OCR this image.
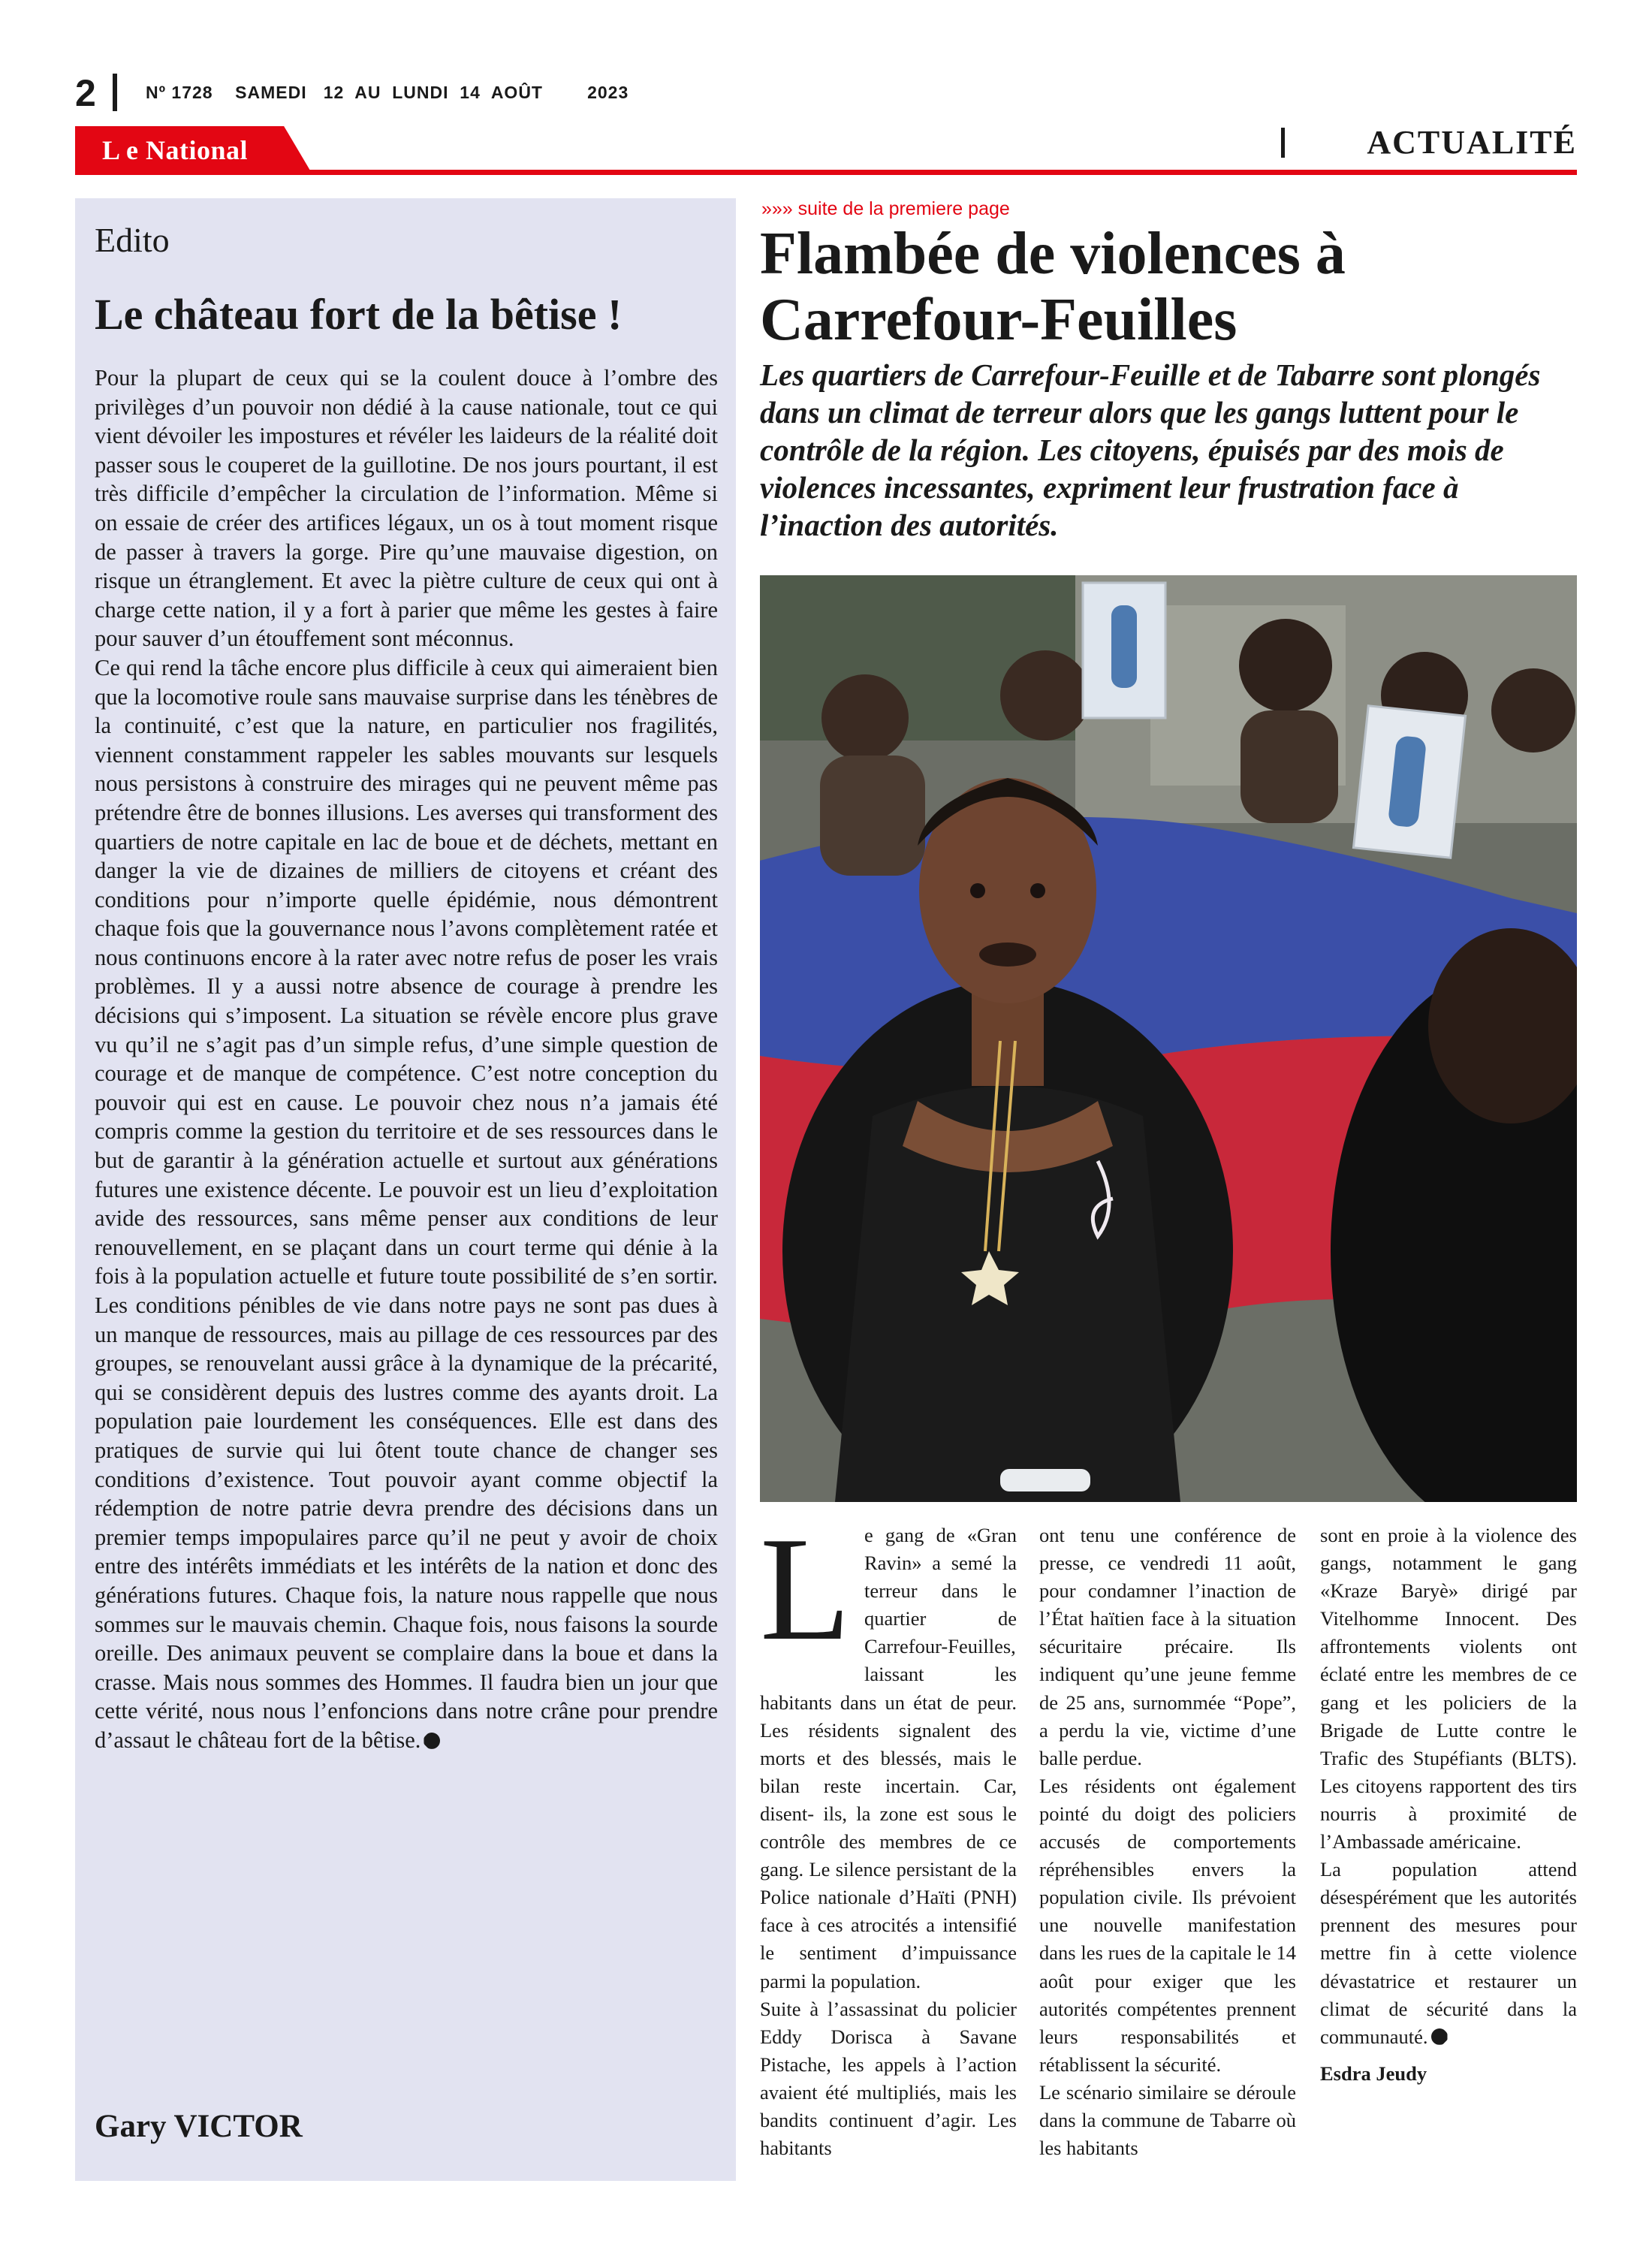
2	Nº 1728    SAMEDI   12  AU  LUNDI  14  AOÛT        2023
L e National	ACTUALITÉ
Edito
Le château fort de la bêtise !
Pour la plupart de ceux qui se la coulent douce à l’ombre des privilèges d’un pouvoir non dédié à la cause nationale, tout ce qui vient dévoiler les impostures et révéler les laideurs de la réalité doit passer sous le couperet de la guillotine. De nos jours pourtant, il est très difficile d’empêcher la circulation de l’information. Même si on essaie de créer des artifices légaux, un os à tout moment risque de passer à travers la gorge. Pire qu’une mauvaise digestion, on risque un étranglement. Et avec la piètre culture de ceux qui ont à charge cette nation, il y a fort à parier que même les gestes à faire pour sauver d’un étouffement sont méconnus.
Ce qui rend la tâche encore plus difficile à ceux qui aimeraient bien que la locomotive roule sans mauvaise surprise dans les ténèbres de la continuité, c’est que la nature, en particulier nos fragilités, viennent constamment rappeler les sables mouvants sur lesquels nous persistons à construire des mirages qui ne peuvent même pas prétendre être de bonnes illusions. Les averses qui transforment des quartiers de notre capitale en lac de boue et de déchets, mettant en danger la vie de dizaines de milliers de citoyens et créant des conditions pour n’importe quelle épidémie, nous démontrent chaque fois que la gouvernance nous l’avons complètement ratée et nous continuons encore à la rater avec notre refus de poser les vrais problèmes. Il y a aussi notre absence de courage à prendre les décisions qui s’imposent. La situation se révèle encore plus grave vu qu’il ne s’agit pas d’un simple refus, d’une simple question de courage et de manque de compétence. C’est notre conception du pouvoir qui est en cause. Le pouvoir chez nous n’a jamais été compris comme la gestion du territoire et de ses ressources dans le but de garantir à la génération actuelle et surtout aux générations futures une existence décente. Le pouvoir est un lieu d’exploitation avide des ressources, sans même penser aux conditions de leur renouvellement, en se plaçant dans un court terme qui dénie à la fois à la population actuelle et future toute possibilité de s’en sortir. Les conditions pénibles de vie dans notre pays ne sont pas dues à un manque de ressources, mais au pillage de ces ressources par des groupes, se renouvelant aussi grâce à la dynamique de la précarité, qui se considèrent depuis des lustres comme des ayants droit. La population paie lourdement les conséquences. Elle est dans des pratiques de survie qui lui ôtent toute chance de changer ses conditions d’existence. Tout pouvoir ayant comme objectif la rédemption de notre patrie devra prendre des décisions dans un premier temps impopulaires parce qu’il ne peut y avoir de choix entre des intérêts immédiats et les intérêts de la nation et donc des générations futures. Chaque fois, la nature nous rappelle que nous sommes sur le mauvais chemin. Chaque fois, nous faisons la sourde oreille. Des animaux peuvent se complaire dans la boue et dans la crasse. Mais nous sommes des Hommes. Il faudra bien un jour que cette vérité, nous nous l’enfoncions dans notre crâne pour prendre d’assaut le château fort de la bêtise.
Gary VICTOR
»»» suite de la premiere page
Flambée de violences à Carrefour-Feuilles

Les quartiers de Carrefour-Feuille et de Tabarre sont plongés dans un climat de terreur alors que les gangs luttent pour le contrôle de la région. Les citoyens, épuisés par des mois de violences incessantes, expriment leur frustration face à l’inaction des autorités.

Le gang de «Gran Ravin» a semé la terreur dans le quartier de Carrefour-Feuilles, laissant les habitants dans un état de peur. Les résidents signalent des morts et des blessés, mais le bilan reste incertain. Car, disent- ils, la zone est sous le contrôle des membres de ce gang. Le silence persistant de la Police nationale d’Haïti (PNH) face à ces atrocités a intensifié le sentiment d’impuissance parmi la population.
Suite à l’assassinat du policier Eddy Dorisca à Savane Pistache, les appels à l’action avaient été multipliés, mais les bandits continuent d’agir. Les habitants
ont tenu une conférence de presse, ce vendredi 11 août, pour condamner l’inaction de l’État haïtien face à la situation sécuritaire précaire. Ils indiquent qu’une jeune femme de 25 ans, surnommée “Pope”, a perdu la vie, victime d’une balle perdue.
Les résidents ont également pointé du doigt des policiers accusés de comportements répréhensibles envers la population civile. Ils prévoient une nouvelle manifestation dans les rues de la capitale le 14 août pour exiger que les autorités compétentes prennent leurs responsabilités et rétablissent la sécurité.
Le scénario similaire se déroule dans la commune de Tabarre où les habitants
sont en proie à la violence des gangs, notamment le gang «Kraze Baryè» dirigé par Vitelhomme Innocent. Des affrontements violents ont éclaté entre les membres de ce gang et les policiers de la Brigade de Lutte contre le Trafic des Stupéfiants (BLTS). Les citoyens rapportent des tirs nourris à proximité de l’Ambassade américaine.
La population attend désespérément que les autorités prennent des mesures pour mettre fin à cette violence dévastatrice et restaurer un climat de sécurité dans la communauté.
Esdra Jeudy
